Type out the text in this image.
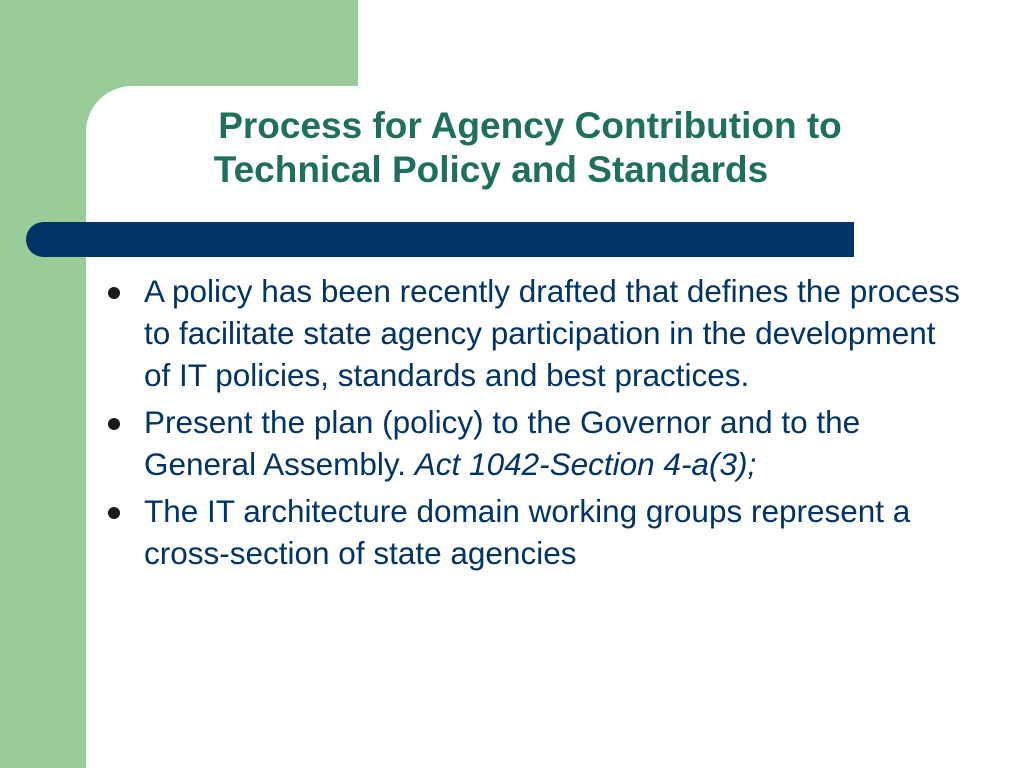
Process for Agency Contribution to
Technical Policy and Standards
A policy has been recently drafted that defines the process to facilitate state agency participation in the development of IT policies, standards and best practices.
Present the plan (policy) to the Governor and to the General Assembly. Act 1042-Section 4-a(3);
The IT architecture domain working groups represent a cross-section of state agencies
